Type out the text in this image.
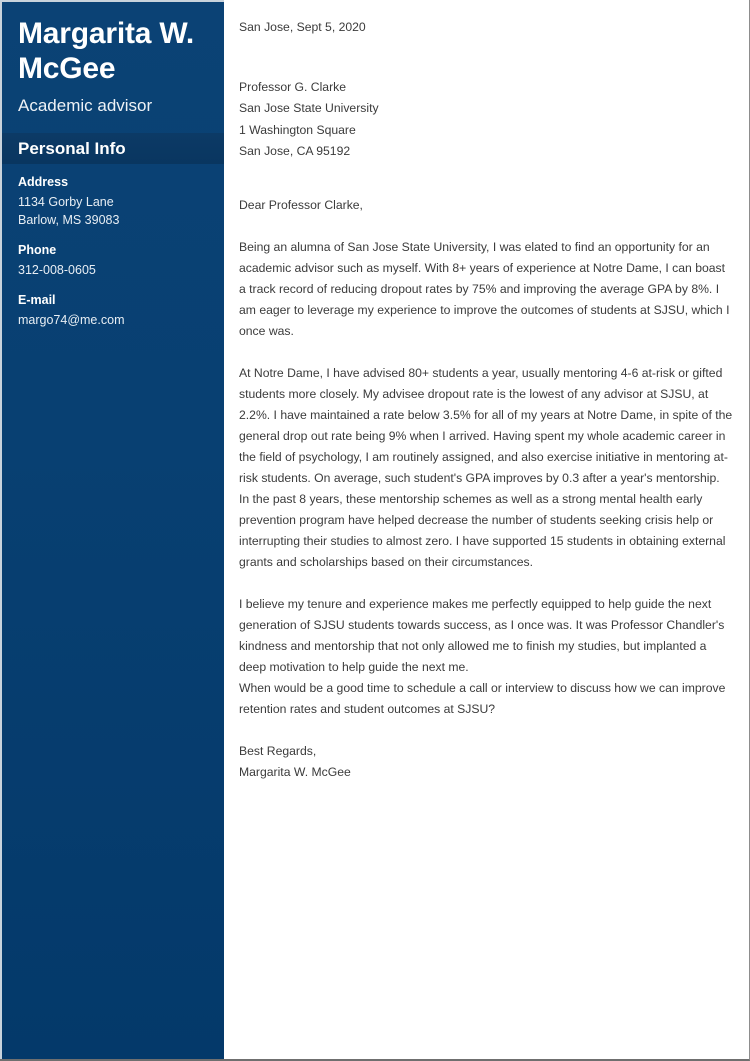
Margarita W. McGee
Academic advisor
Personal Info
Address
1134 Gorby Lane
Barlow, MS 39083
Phone
312-008-0605
E-mail
margo74@me.com

San Jose, Sept 5, 2020

Professor G. Clarke

San Jose State University

1 Washington Square

San Jose, CA 95192

Dear Professor Clarke,

Being an alumna of San Jose State University, I was elated to find an opportunity for an academic advisor such as myself. With 8+ years of experience at Notre Dame, I can boast a track record of reducing dropout rates by 75% and improving the average GPA by 8%. I am eager to leverage my experience to improve the outcomes of students at SJSU, which I once was.

At Notre Dame, I have advised 80+ students a year, usually mentoring 4-6 at-risk or gifted students more closely. My advisee dropout rate is the lowest of any advisor at SJSU, at 2.2%. I have maintained a rate below 3.5% for all of my years at Notre Dame, in spite of the general drop out rate being 9% when I arrived. Having spent my whole academic career in the field of psychology, I am routinely assigned, and also exercise initiative in mentoring at-risk students. On average, such student's GPA improves by 0.3 after a year's mentorship. In the past 8 years, these mentorship schemes as well as a strong mental health early prevention program have helped decrease the number of students seeking crisis help or interrupting their studies to almost zero. I have supported 15 students in obtaining external grants and scholarships based on their circumstances.

I believe my tenure and experience makes me perfectly equipped to help guide the next generation of SJSU students towards success, as I once was. It was Professor Chandler's kindness and mentorship that not only allowed me to finish my studies, but implanted a deep motivation to help guide the next me.

When would be a good time to schedule a call or interview to discuss how we can improve retention rates and student outcomes at SJSU?

Best Regards,

Margarita W. McGee
